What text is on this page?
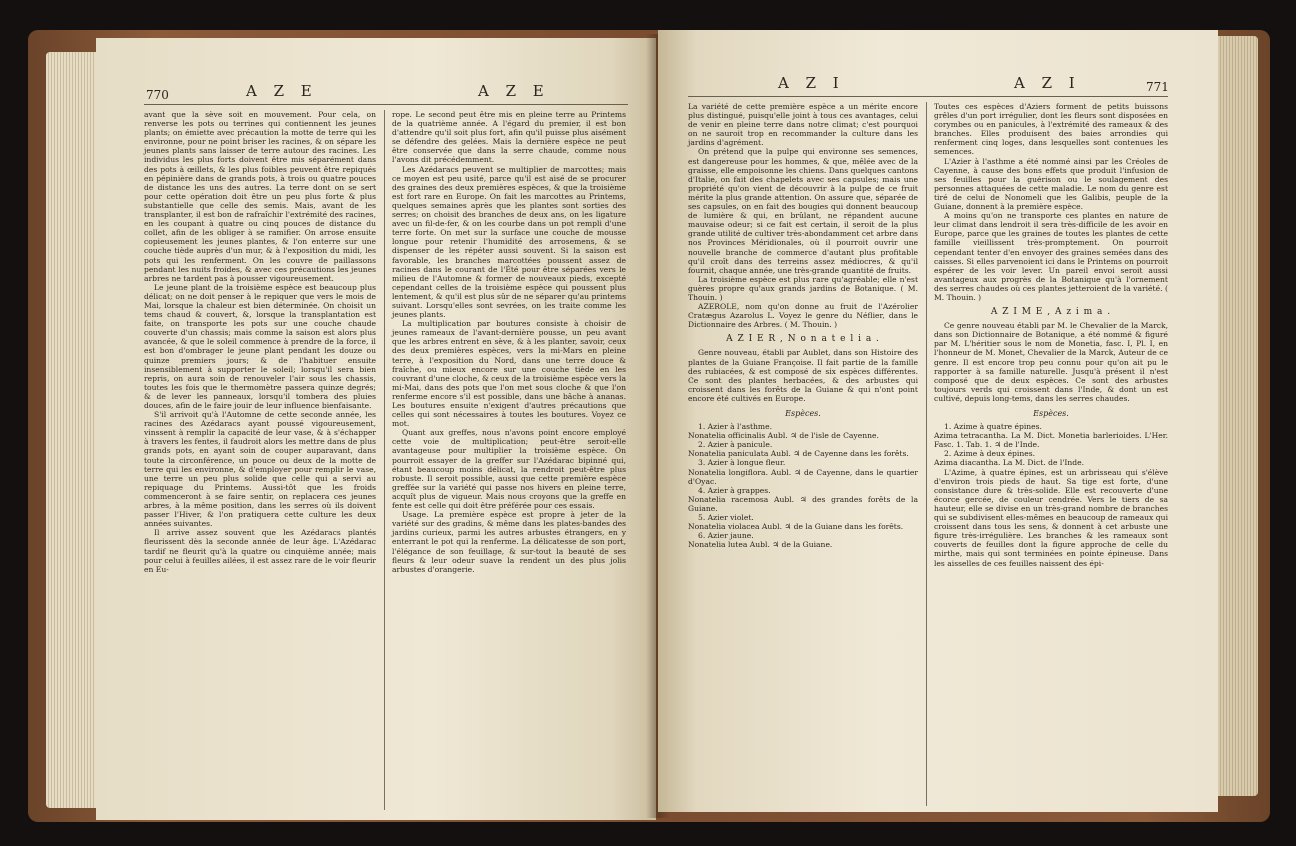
770	A Z E	A Z E

avant que la sève soit en mouvement. Pour cela, on renverse les pots ou terrines qui contiennent les jeunes plants; on émiette avec précaution la motte de terre qui les environne, pour ne point briser les racines, & on sépare les jeunes plants sans laisser de terre autour des racines. Les individus les plus forts doivent être mis séparément dans des pots à œillets, & les plus foibles peuvent être repiqués en pépinière dans de grands pots, à trois ou quatre pouces de distance les uns des autres. La terre dont on se sert pour cette opération doit être un peu plus forte & plus substantielle que celle des semis. Mais, avant de les transplanter, il est bon de rafraîchir l'extrémité des racines, en les coupant à quatre ou cinq pouces de distance du collet, afin de les obliger à se ramifier. On arrose ensuite copieusement les jeunes plantes, & l'on enterre sur une couche tiède auprès d'un mur, & à l'exposition du midi, les pots qui les renferment. On les couvre de paillassons pendant les nuits froides, & avec ces précautions les jeunes arbres ne tardent pas à pousser vigoureusement.

Le jeune plant de la troisième espèce est beaucoup plus délicat; on ne doit penser à le repiquer que vers le mois de Mai, lorsque la chaleur est bien déterminée. On choisit un tems chaud & couvert, &, lorsque la transplantation est faite, on transporte les pots sur une couche chaude couverte d'un chassis; mais comme la saison est alors plus avancée, & que le soleil commence à prendre de la force, il est bon d'ombrager le jeune plant pendant les douze ou quinze premiers jours; & de l'habituer ensuite insensiblement à supporter le soleil; lorsqu'il sera bien repris, on aura soin de renouveler l'air sous les chassis, toutes les fois que le thermomètre passera quinze degrés; & de lever les panneaux, lorsqu'il tombera des pluies douces, afin de le faire jouir de leur influence bienfaisante.

S'il arrivoit qu'à l'Automne de cette seconde année, les racines des Azédaracs ayant poussé vigoureusement, vinssent à remplir la capacité de leur vase, & à s'échapper à travers les fentes, il faudroit alors les mettre dans de plus grands pots, en ayant soin de couper auparavant, dans toute la circonférence, un pouce ou deux de la motte de terre qui les environne, & d'employer pour remplir le vase, une terre un peu plus solide que celle qui a servi au repiquage du Printems. Aussi-tôt que les froids commenceront à se faire sentir, on replacera ces jeunes arbres, à la même position, dans les serres où ils doivent passer l'Hiver, & l'on pratiquera cette culture les deux années suivantes.

Il arrive assez souvent que les Azédaracs plantés fleurissent dès la seconde année de leur âge. L'Azédarac tardif ne fleurit qu'à la quatre ou cinquième année; mais pour celui à feuilles ailées, il est assez rare de le voir fleurir en Eu-

rope. Le second peut être mis en pleine terre au Printems de la quatrième année. A l'égard du premier, il est bon d'attendre qu'il soit plus fort, afin qu'il puisse plus aisément se défendre des gelées. Mais la dernière espèce ne peut être conservée que dans la serre chaude, comme nous l'avons dit précédemment.

Les Azédaracs peuvent se multiplier de marcottes; mais ce moyen est peu usité, parce qu'il est aisé de se procurer des graines des deux premières espèces, & que la troisième est fort rare en Europe. On fait les marcottes au Printems, quelques semaines après que les plantes sont sorties des serres; on choisit des branches de deux ans, on les ligature avec un fil-de-fer, & on les courbe dans un pot rempli d'une terre forte. On met sur la surface une couche de mousse longue pour retenir l'humidité des arrosemens, & se dispenser de les répéter aussi souvent. Si la saison est favorable, les branches marcottées poussent assez de racines dans le courant de l'Été pour être séparées vers le milieu de l'Automne & former de nouveaux pieds, excepté cependant celles de la troisième espèce qui poussent plus lentement, & qu'il est plus sûr de ne séparer qu'au printems suivant. Lorsqu'elles sont sevrées, on les traite comme les jeunes plants.

La multiplication par boutures consiste à choisir de jeunes rameaux de l'avant-dernière pousse, un peu avant que les arbres entrent en sève, & à les planter, savoir, ceux des deux premières espèces, vers la mi-Mars en pleine terre, à l'exposition du Nord, dans une terre douce & fraîche, ou mieux encore sur une couche tiède en les couvrant d'une cloche, & ceux de la troisième espèce vers la mi-Mai, dans des pots que l'on met sous cloche & que l'on renferme encore s'il est possible, dans une bâche à ananas. Les boutures ensuite n'exigent d'autres précautions que celles qui sont nécessaires à toutes les boutures. Voyez ce mot.

Quant aux greffes, nous n'avons point encore employé cette voie de multiplication; peut-être seroit-elle avantageuse pour multiplier la troisième espèce. On pourroit essayer de la greffer sur l'Azédarac bipinné qui, étant beaucoup moins délicat, la rendroit peut-être plus robuste. Il seroit possible, aussi que cette première espèce greffée sur la variété qui passe nos hivers en pleine terre, acquît plus de vigueur. Mais nous croyons que la greffe en fente est celle qui doit être préférée pour ces essais.

Usage. La première espèce est propre à jeter de la variété sur des gradins, & même dans les plates-bandes des jardins curieux, parmi les autres arbustes étrangers, en y enterrant le pot qui la renferme. La délicatesse de son port, l'élégance de son feuillage, & sur-tout la beauté de ses fleurs & leur odeur suave la rendent un des plus jolis arbustes d'orangerie.

A Z I	A Z I	771

La variété de cette première espèce a un mérite encore plus distingué, puisqu'elle joint à tous ces avantages, celui de venir en pleine terre dans notre climat; c'est pourquoi on ne sauroit trop en recommander la culture dans les jardins d'agrément.

On prétend que la pulpe qui environne ses semences, est dangereuse pour les hommes, & que, mêlée avec de la graisse, elle empoisonne les chiens. Dans quelques cantons d'Italie, on fait des chapelets avec ses capsules; mais une propriété qu'on vient de découvrir à la pulpe de ce fruit mérite la plus grande attention. On assure que, séparée de ses capsules, on en fait des bougies qui donnent beaucoup de lumière & qui, en brûlant, ne répandent aucune mauvaise odeur; si ce fait est certain, il seroit de la plus grande utilité de cultiver très-abondamment cet arbre dans nos Provinces Méridionales, où il pourroit ouvrir une nouvelle branche de commerce d'autant plus profitable qu'il croît dans des terreins assez médiocres, & qu'il fournit, chaque année, une très-grande quantité de fruits.

La troisième espèce est plus rare qu'agréable; elle n'est guères propre qu'aux grands jardins de Botanique. ( M. Thouin. )

AZEROLE, nom qu'on donne au fruit de l'Azérolier Cratægus Azarolus L. Voyez le genre du Néflier, dans le Dictionnaire des Arbres. ( M. Thouin. )

A Z I E R , N o n a t e l i a .

Genre nouveau, établi par Aublet, dans son Histoire des plantes de la Guiane Françoise. Il fait partie de la famille des rubiacées, & est composé de six espèces différentes. Ce sont des plantes herbacées, & des arbustes qui croissent dans les forêts de la Guiane & qui n'ont point encore été cultivés en Europe.

Espèces.

1. Azier à l'asthme.

Nonatelia officinalis Aubl. ♃ de l'isle de Cayenne.

2. Azier à panicule.

Nonatelia paniculata Aubl. ♃ de Cayenne dans les forêts.

3. Azier à longue fleur.

Nonatelia longiflora. Aubl. ♃ de Cayenne, dans le quartier d'Oyac.

4. Azier à grappes.

Nonatelia racemosa Aubl. ♃ des grandes forêts de la Guiane.

5. Azier violet.

Nonatelia violacea Aubl. ♃ de la Guiane dans les forêts.

6. Azier jaune.

Nonatelia lutea Aubl. ♃ de la Guiane.

Toutes ces espèces d'Aziers forment de petits buissons grêles d'un port irrégulier, dont les fleurs sont disposées en corymbes ou en panicules, à l'extrémité des rameaux & des branches. Elles produisent des baies arrondies qui renferment cinq loges, dans lesquelles sont contenues les semences.

L'Azier à l'asthme a été nommé ainsi par les Créoles de Cayenne, à cause des bons effets que produit l'infusion de ses feuilles pour la guérison ou le soulagement des personnes attaquées de cette maladie. Le nom du genre est tiré de celui de Nonomeli que les Galibis, peuple de la Guiane, donnent à la première espèce.

A moins qu'on ne transporte ces plantes en nature de leur climat dans lendroit il sera très-difficile de les avoir en Europe, parce que les graines de toutes les plantes de cette famille vieillissent très-promptement. On pourroit cependant tenter d'en envoyer des graines semées dans des caisses. Si elles parvenoient ici dans le Printems on pourroit espérer de les voir lever. Un pareil envoi seroit aussi avantageux aux progrès de la Botanique qu'à l'ornement des serres chaudes où ces plantes jetteroient de la variété. ( M. Thouin. )

A Z I M E , A z i m a .

Ce genre nouveau établi par M. le Chevalier de la Marck, dans son Dictionnaire de Botanique, a été nommé & figuré par M. L'héritier sous le nom de Monetia, fasc. I, Pl. I, en l'honneur de M. Monet, Chevalier de la Marck, Auteur de ce genre. Il est encore trop peu connu pour qu'on ait pu le rapporter à sa famille naturelle. Jusqu'à présent il n'est composé que de deux espèces. Ce sont des arbustes toujours verds qui croissent dans l'Inde, & dont un est cultivé, depuis long-tems, dans les serres chaudes.

Espèces.

1. Azime à quatre épines.

Azima tetracantha. La M. Dict. Monetia barlerioides. L'Her. Fasc. 1. Tab. 1. ♃ de l'Inde.

2. Azime à deux épines.

Azima diacantha. La M. Dict. de l'Inde.

L'Azime, à quatre épines, est un arbrisseau qui s'élève d'environ trois pieds de haut. Sa tige est forte, d'une consistance dure & très-solide. Elle est recouverte d'une écorce gercée, de couleur cendrée. Vers le tiers de sa hauteur, elle se divise en un très-grand nombre de branches qui se subdivisent elles-mêmes en beaucoup de rameaux qui croissent dans tous les sens, & donnent à cet arbuste une figure très-irrégulière. Les branches & les rameaux sont couverts de feuilles dont la figure approche de celle du mirthe, mais qui sont terminées en pointe épineuse. Dans les aisselles de ces feuilles naissent des épi-
